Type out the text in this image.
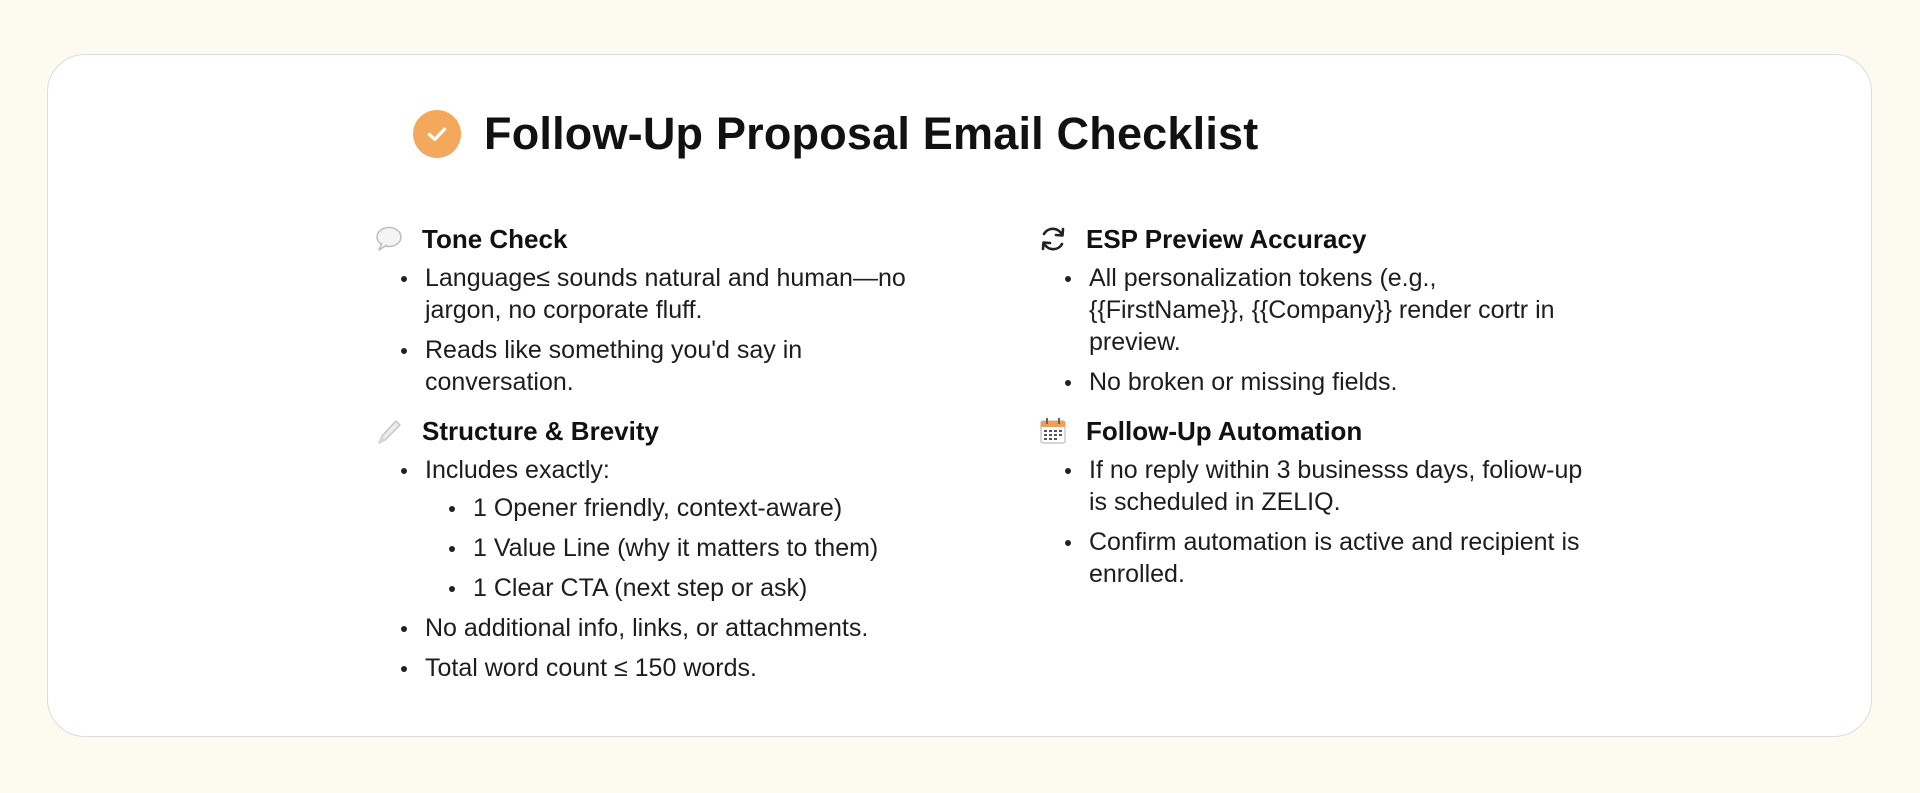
Follow-Up Proposal Email Checklist
Tone Check
Language≤ sounds natural and human—no jargon, no corporate fluff.
Reads like something you'd say in conversation.
Structure & Brevity
Includes exactly:
1 Opener friendly, context-aware)
1 Value Line (why it matters to them)
1 Clear CTA (next step or ask)
No additional info, links, or attachments.
Total word count ≤ 150 words.
ESP Preview Accuracy
All personalization tokens (e.g., {{FirstName}}, {{Company}} render cortr in preview.
No broken or missing fields.
Follow-Up Automation
If no reply within 3 businesss days, foliow-up is scheduled in ZELIQ.
Confirm automation is active and recipient is enrolled.
